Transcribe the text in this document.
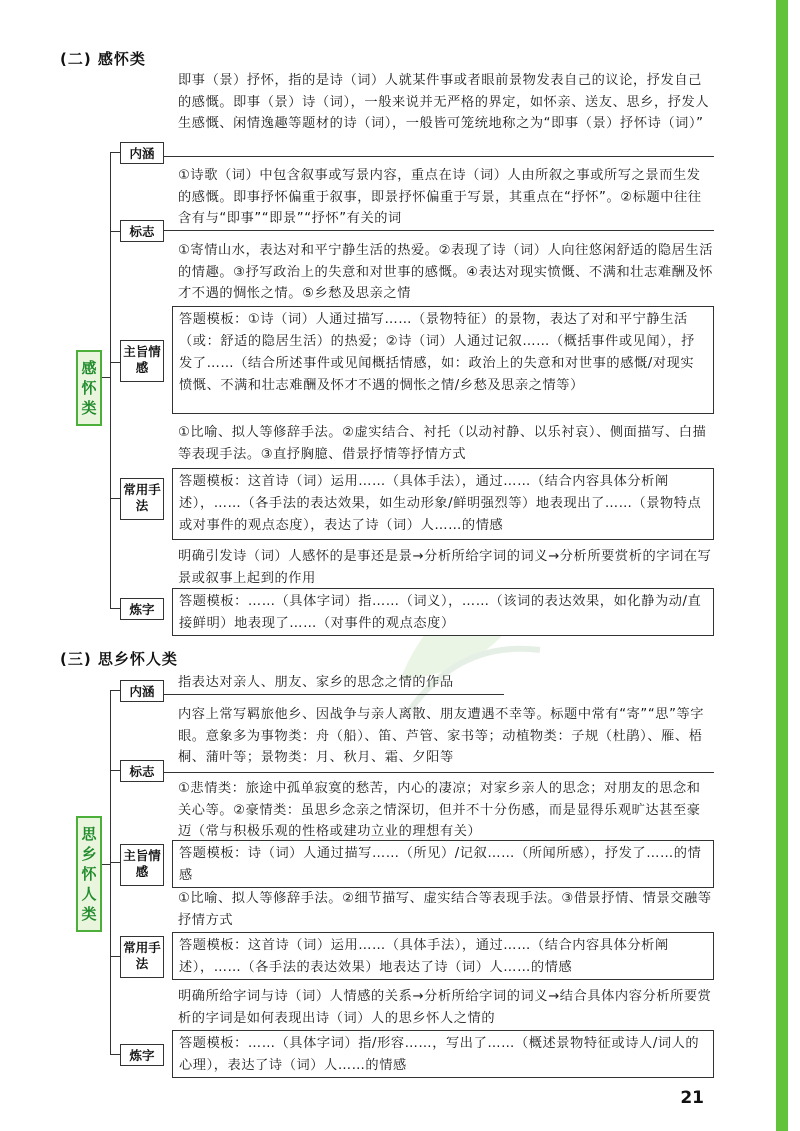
(二) 感怀类
感
怀
类
即事（景）抒怀，指的是诗（词）人就某件事或者眼前景物发表自己的议论，抒发自己的感慨。即事（景）诗（词），一般来说并无严格的界定，如怀亲、送友、思乡，抒发人生感慨、闲情逸趣等题材的诗（词），一般皆可笼统地称之为“即事（景）抒怀诗（词）”
内涵
①诗歌（词）中包含叙事或写景内容，重点在诗（词）人由所叙之事或所写之景而生发的感慨。即事抒怀偏重于叙事，即景抒怀偏重于写景，其重点在“抒怀”。②标题中往往含有与“即事”“即景”“抒怀”有关的词
标志
①寄情山水，表达对和平宁静生活的热爱。②表现了诗（词）人向往悠闲舒适的隐居生活的情趣。③抒写政治上的失意和对世事的感慨。④表达对现实愤慨、不满和壮志难酬及怀才不遇的惆怅之情。⑤乡愁及思亲之情
答题模板：①诗（词）人通过描写……（景物特征）的景物，表达了对和平宁静生活（或：舒适的隐居生活）的热爱；②诗（词）人通过记叙……（概括事件或见闻），抒发了……（结合所述事件或见闻概括情感，如：政治上的失意和对世事的感慨/对现实愤慨、不满和壮志难酬及怀才不遇的惆怅之情/乡愁及思亲之情等）
主旨情感
①比喻、拟人等修辞手法。②虚实结合、衬托（以动衬静、以乐衬哀）、侧面描写、白描等表现手法。③直抒胸臆、借景抒情等抒情方式
答题模板：这首诗（词）运用……（具体手法），通过……（结合内容具体分析阐述），……（各手法的表达效果，如生动形象/鲜明强烈等）地表现出了……（景物特点或对事件的观点态度），表达了诗（词）人……的情感
常用手法
明确引发诗（词）人感怀的是事还是景→分析所给字词的词义→分析所要赏析的字词在写景或叙事上起到的作用
答题模板：……（具体字词）指……（词义），……（该词的表达效果，如化静为动/直接鲜明）地表现了……（对事件的观点态度）
炼字
(三) 思乡怀人类
思
乡
怀
人
类
指表达对亲人、朋友、家乡的思念之情的作品
内涵
内容上常写羁旅他乡、因战争与亲人离散、朋友遭遇不幸等。标题中常有“寄”“思”等字眼。意象多为事物类：舟（船）、笛、芦管、家书等；动植物类：子规（杜鹃）、雁、梧桐、蒲叶等；景物类：月、秋月、霜、夕阳等
标志
①悲情类：旅途中孤单寂寞的愁苦，内心的凄凉；对家乡亲人的思念；对朋友的思念和关心等。②豪情类：虽思乡念亲之情深切，但并不十分伤感，而是显得乐观旷达甚至豪迈（常与积极乐观的性格或建功立业的理想有关）
答题模板：诗（词）人通过描写……（所见）/记叙……（所闻所感），抒发了……的情感
主旨情感
①比喻、拟人等修辞手法。②细节描写、虚实结合等表现手法。③借景抒情、情景交融等抒情方式
答题模板：这首诗（词）运用……（具体手法），通过……（结合内容具体分析阐述），……（各手法的表达效果）地表达了诗（词）人……的情感
常用手法
明确所给字词与诗（词）人情感的关系→分析所给字词的词义→结合具体内容分析所要赏析的字词是如何表现出诗（词）人的思乡怀人之情的
答题模板：……（具体字词）指/形容……，写出了……（概述景物特征或诗人/词人的心理），表达了诗（词）人……的情感
炼字
21
